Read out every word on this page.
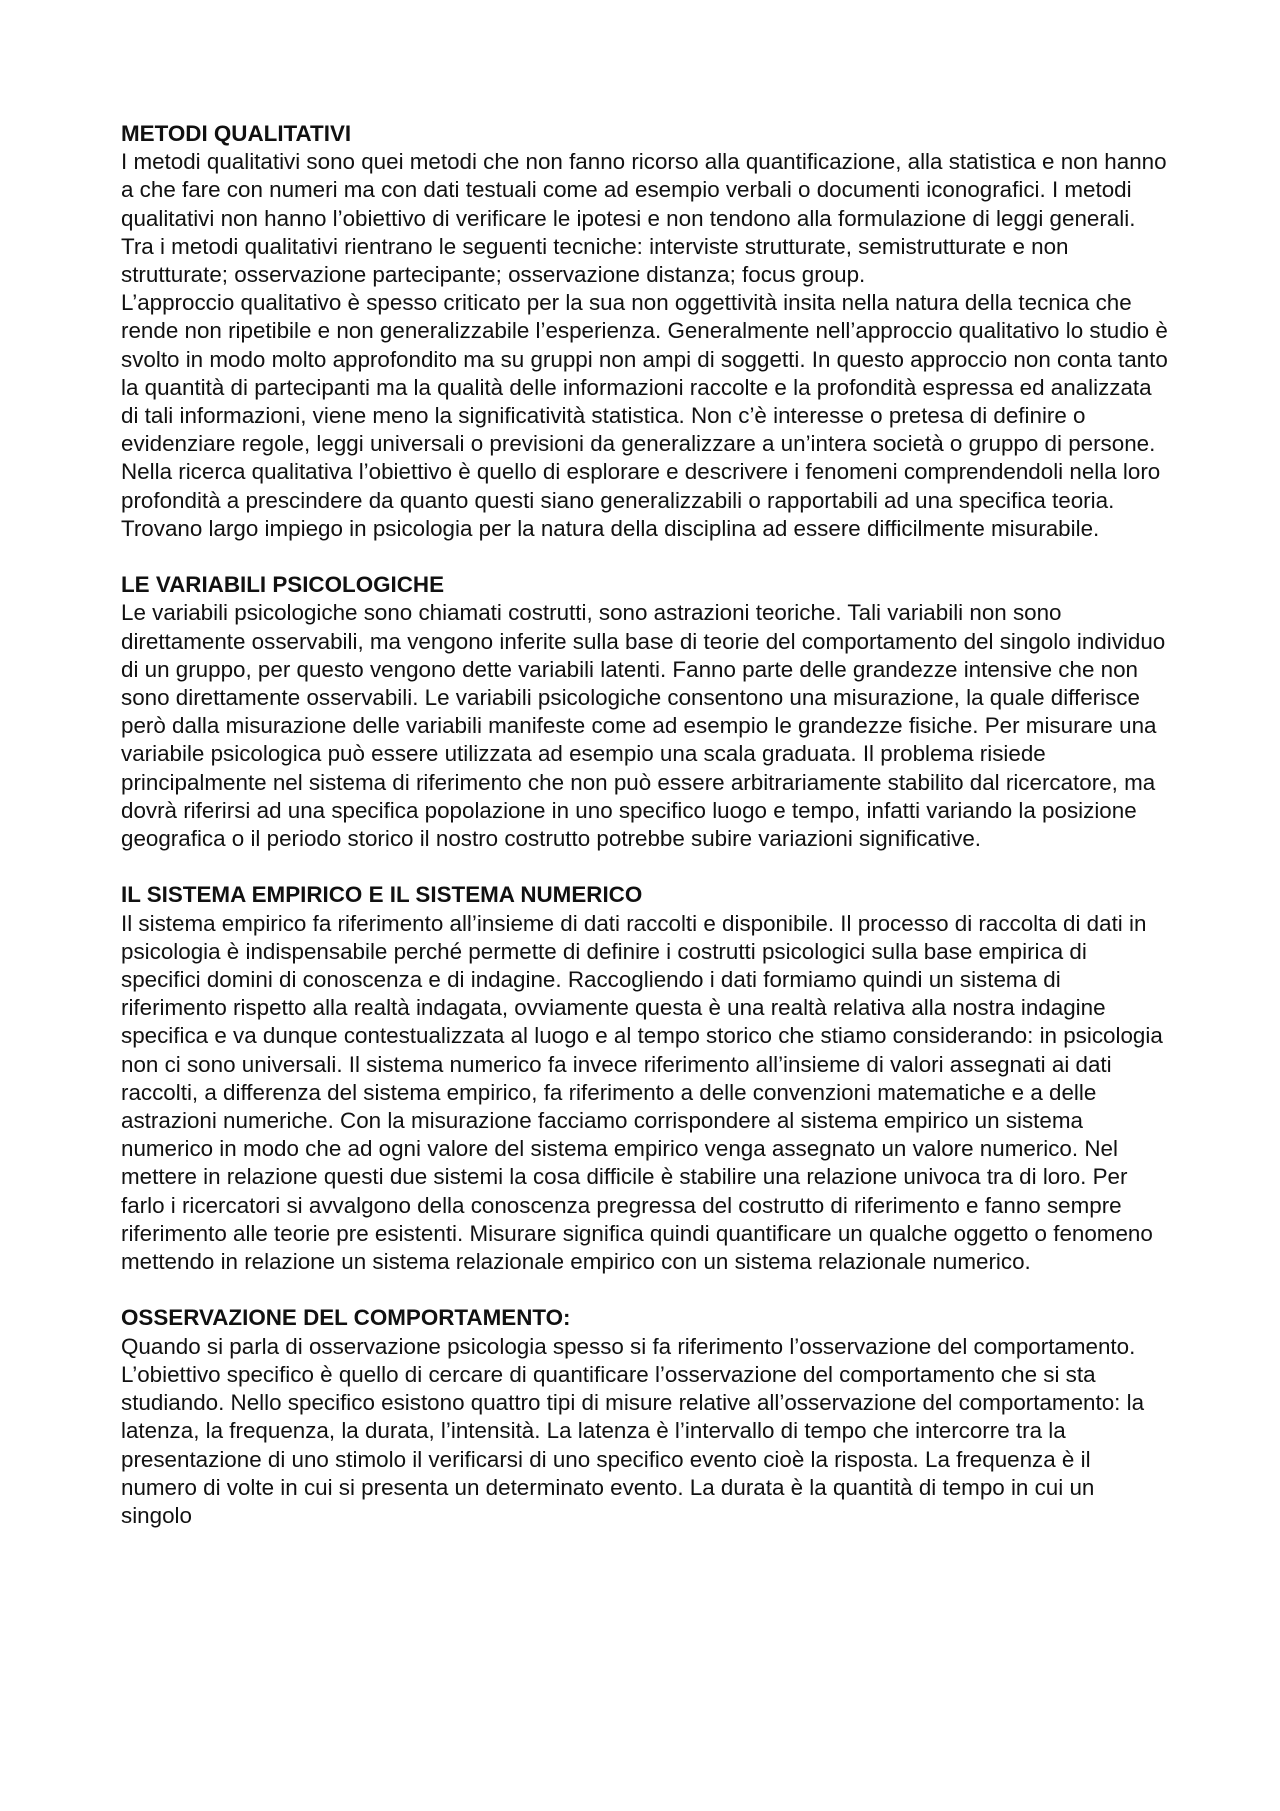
METODI QUALITATIVI

I metodi qualitativi sono quei metodi che non fanno ricorso alla quantificazione, alla statistica e non hanno a che fare con numeri ma con dati testuali come ad esempio verbali o documenti iconografici. I metodi qualitativi non hanno l’obiettivo di verificare le ipotesi e non tendono alla formulazione di leggi generali. Tra i metodi qualitativi rientrano le seguenti tecniche: interviste strutturate, semistrutturate e non strutturate; osservazione partecipante; osservazione distanza; focus group.

L’approccio qualitativo è spesso criticato per la sua non oggettività insita nella natura della tecnica che rende non ripetibile e non generalizzabile l’esperienza. Generalmente nell’approccio qualitativo lo studio è svolto in modo molto approfondito ma su gruppi non ampi di soggetti. In questo approccio non conta tanto la quantità di partecipanti ma la qualità delle informazioni raccolte e la profondità espressa ed analizzata di tali informazioni, viene meno la significatività statistica. Non c’è interesse o pretesa di definire o evidenziare regole, leggi universali o previsioni da generalizzare a un’intera società o gruppo di persone. Nella ricerca qualitativa l’obiettivo è quello di esplorare e descrivere i fenomeni comprendendoli nella loro profondità a prescindere da quanto questi siano generalizzabili o rapportabili ad una specifica teoria. Trovano largo impiego in psicologia per la natura della disciplina ad essere difficilmente misurabile.

LE VARIABILI PSICOLOGICHE

Le variabili psicologiche sono chiamati costrutti, sono astrazioni teoriche. Tali variabili non sono direttamente osservabili, ma vengono inferite sulla base di teorie del comportamento del singolo individuo di un gruppo, per questo vengono dette variabili latenti. Fanno parte delle grandezze intensive che non sono direttamente osservabili. Le variabili psicologiche consentono una misurazione, la quale differisce però dalla misurazione delle variabili manifeste come ad esempio le grandezze fisiche. Per misurare una variabile psicologica può essere utilizzata ad esempio una scala graduata. Il problema risiede principalmente nel sistema di riferimento che non può essere arbitrariamente stabilito dal ricercatore, ma dovrà riferirsi ad una specifica popolazione in uno specifico luogo e tempo, infatti variando la posizione geografica o il periodo storico il nostro costrutto potrebbe subire variazioni significative.

IL SISTEMA EMPIRICO E IL SISTEMA NUMERICO

Il sistema empirico fa riferimento all’insieme di dati raccolti e disponibile. Il processo di raccolta di dati in psicologia è indispensabile perché permette di definire i costrutti psicologici sulla base empirica di specifici domini di conoscenza e di indagine. Raccogliendo i dati formiamo quindi un sistema di riferimento rispetto alla realtà indagata, ovviamente questa è una realtà relativa alla nostra indagine specifica e va dunque contestualizzata al luogo e al tempo storico che stiamo considerando: in psicologia non ci sono universali. Il sistema numerico fa invece riferimento all’insieme di valori assegnati ai dati raccolti, a differenza del sistema empirico, fa riferimento a delle convenzioni matematiche e a delle astrazioni numeriche. Con la misurazione facciamo corrispondere al sistema empirico un sistema numerico in modo che ad ogni valore del sistema empirico venga assegnato un valore numerico. Nel mettere in relazione questi due sistemi la cosa difficile è stabilire una relazione univoca tra di loro. Per farlo i ricercatori si avvalgono della conoscenza pregressa del costrutto di riferimento e fanno sempre riferimento alle teorie pre esistenti. Misurare significa quindi quantificare un qualche oggetto o fenomeno mettendo in relazione un sistema relazionale empirico con un sistema relazionale numerico.

OSSERVAZIONE DEL COMPORTAMENTO:

Quando si parla di osservazione psicologia spesso si fa riferimento l’osservazione del comportamento. L’obiettivo specifico è quello di cercare di quantificare l’osservazione del comportamento che si sta studiando. Nello specifico esistono quattro tipi di misure relative all’osservazione del comportamento: la latenza, la frequenza, la durata, l’intensità. La latenza è l’intervallo di tempo che intercorre tra la presentazione di uno stimolo il verificarsi di uno specifico evento cioè la risposta. La frequenza è il numero di volte in cui si presenta un determinato evento. La durata è la quantità di tempo in cui un singolo
